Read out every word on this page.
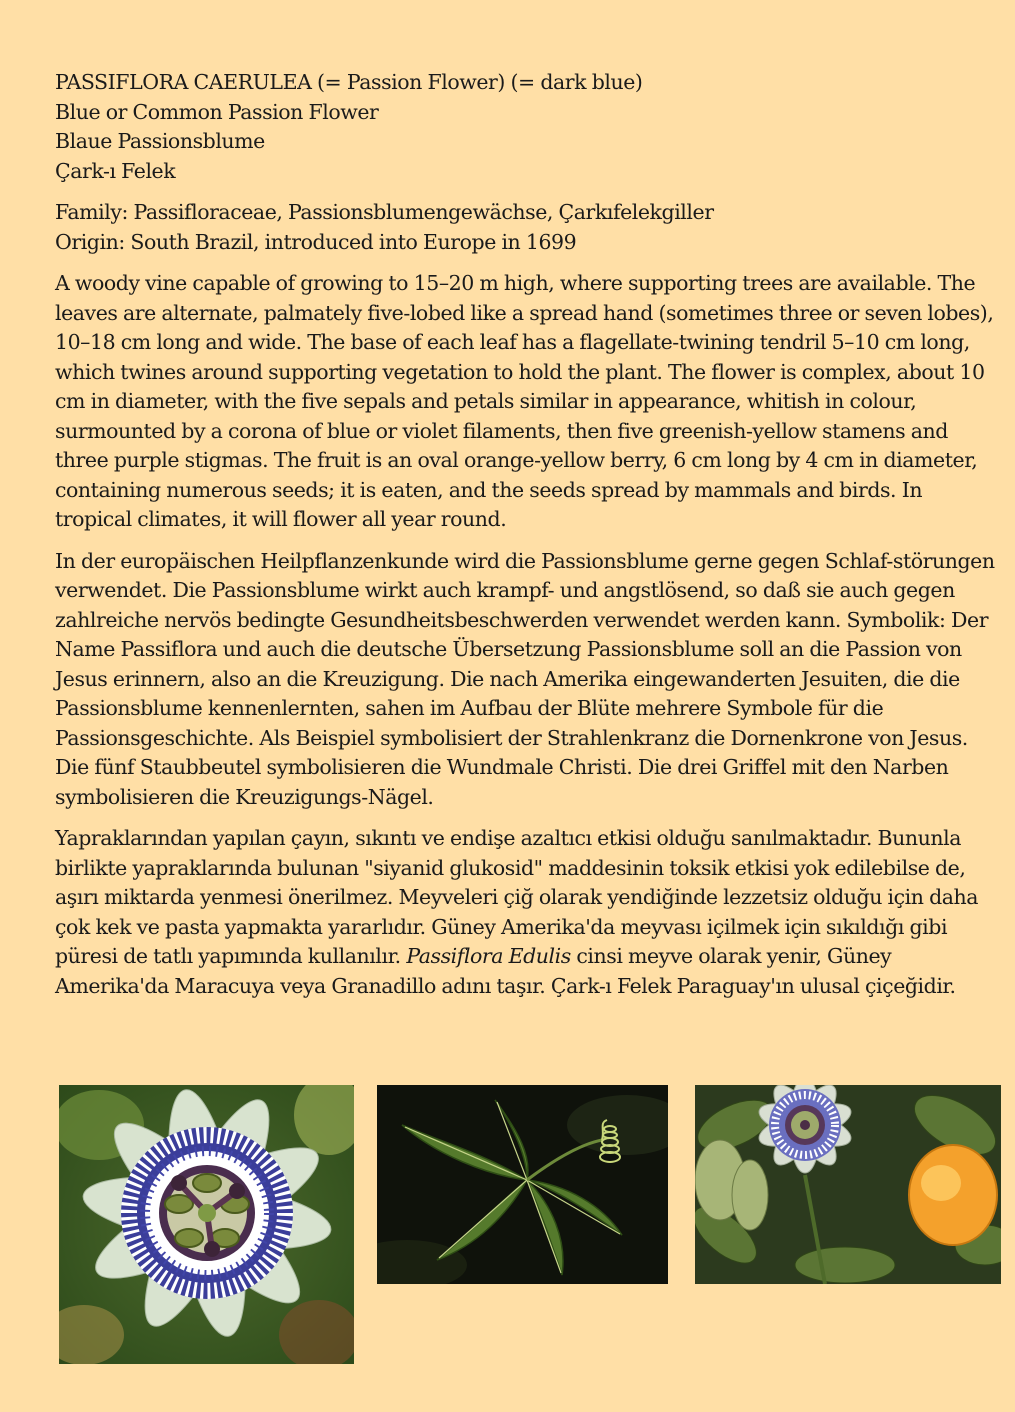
PASSIFLORA CAERULEA (= Passion Flower) (= dark blue)
Blue or Common Passion Flower
Blaue Passionsblume
Çark-ı Felek

Family: Passifloraceae, Passionsblumengewächse, Çarkıfelekgiller
Origin: South Brazil, introduced into Europe in 1699

A woody vine capable of growing to 15–20 m high, where supporting trees are available. The leaves are alternate, palmately five-lobed like a spread hand (sometimes three or seven lobes), 10–18 cm long and wide. The base of each leaf has a flagellate-twining tendril 5–10 cm long, which twines around supporting vegetation to hold the plant. The flower is complex, about 10 cm in diameter, with the five sepals and petals similar in appearance, whitish in colour, surmounted by a corona of blue or violet filaments, then five greenish-yellow stamens and three purple stigmas. The fruit is an oval orange-yellow berry, 6 cm long by 4 cm in diameter, containing numerous seeds; it is eaten, and the seeds spread by mammals and birds. In tropical climates, it will flower all year round.

In der europäischen Heilpflanzenkunde wird die Passionsblume gerne gegen Schlaf-störungen verwendet. Die Passionsblume wirkt auch krampf- und angstlösend, so daß sie auch gegen zahlreiche nervös bedingte Gesundheitsbeschwerden verwendet werden kann. Symbolik: Der Name Passiflora und auch die deutsche Übersetzung Passionsblume soll an die Passion von Jesus erinnern, also an die Kreuzigung. Die nach Amerika eingewanderten Jesuiten, die die Passionsblume kennenlernten, sahen im Aufbau der Blüte mehrere Symbole für die Passionsgeschichte. Als Beispiel symbolisiert der Strahlenkranz die Dornenkrone von Jesus. Die fünf Staubbeutel symbolisieren die Wundmale Christi. Die drei Griffel mit den Narben symbolisieren die Kreuzigungs-Nägel.

Yapraklarından yapılan çayın, sıkıntı ve endişe azaltıcı etkisi olduğu sanılmaktadır. Bununla birlikte yapraklarında bulunan "siyanid glukosid" maddesinin toksik etkisi yok edilebilse de, aşırı miktarda yenmesi önerilmez. Meyveleri çiğ olarak yendiğinde lezzetsiz olduğu için daha çok kek ve pasta yapmakta yararlıdır. Güney Amerika'da meyvası içilmek için sıkıldığı gibi püresi de tatlı yapımında kullanılır. Passiflora Edulis cinsi meyve olarak yenir, Güney Amerika'da Maracuya veya Granadillo adını taşır. Çark-ı Felek Paraguay'ın ulusal çiçeğidir.
